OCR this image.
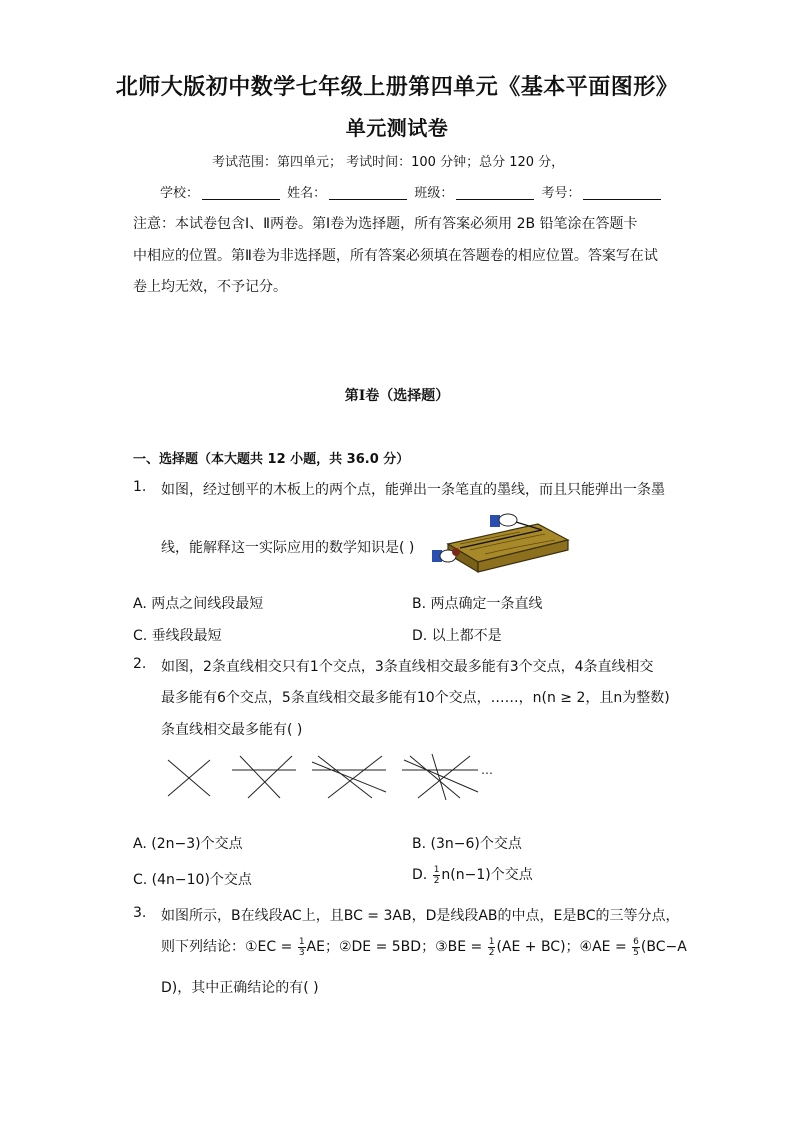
北师大版初中数学七年级上册第四单元《基本平面图形》
单元测试卷
考试范围：第四单元； 考试时间：100 分钟；总分 120 分，
学校：	姓名：	班级：	考号：
注意：本试卷包含Ⅰ、Ⅱ两卷。第Ⅰ卷为选择题，所有答案必须用 2B 铅笔涂在答题卡
中相应的位置。第Ⅱ卷为非选择题，所有答案必须填在答题卷的相应位置。答案写在试
卷上均无效，不予记分。
第Ⅰ卷（选择题）
一、选择题（本大题共 12 小题，共 36.0 分）
1. 如图，经过刨平的木板上的两个点，能弹出一条笔直的墨线，而且只能弹出一条墨
线，能解释这一实际应用的数学知识是( )
A. 两点之间线段最短	B. 两点确定一条直线
C. 垂线段最短	D. 以上都不是
2. 如图，2条直线相交只有1个交点，3条直线相交最多能有3个交点，4条直线相交
最多能有6个交点，5条直线相交最多能有10个交点，……，n(n ≥ 2，且n为整数)
条直线相交最多能有( )
…
A. (2n−3)个交点	B. (3n−6)个交点
C. (4n−10)个交点	D. $\frac{1}{2} n(n-1)$个交点
3. 如图所示，B在线段AC上，且BC = 3AB，D是线段AB的中点，E是BC的三等分点，
则下列结论：①EC = $\frac{1}{3}$ AE；②DE = 5BD；③BE = $\frac{1}{2} (AE + BC)$；④AE = $\frac{6}{5} (BC-A$
D)，其中正确结论的有( )
